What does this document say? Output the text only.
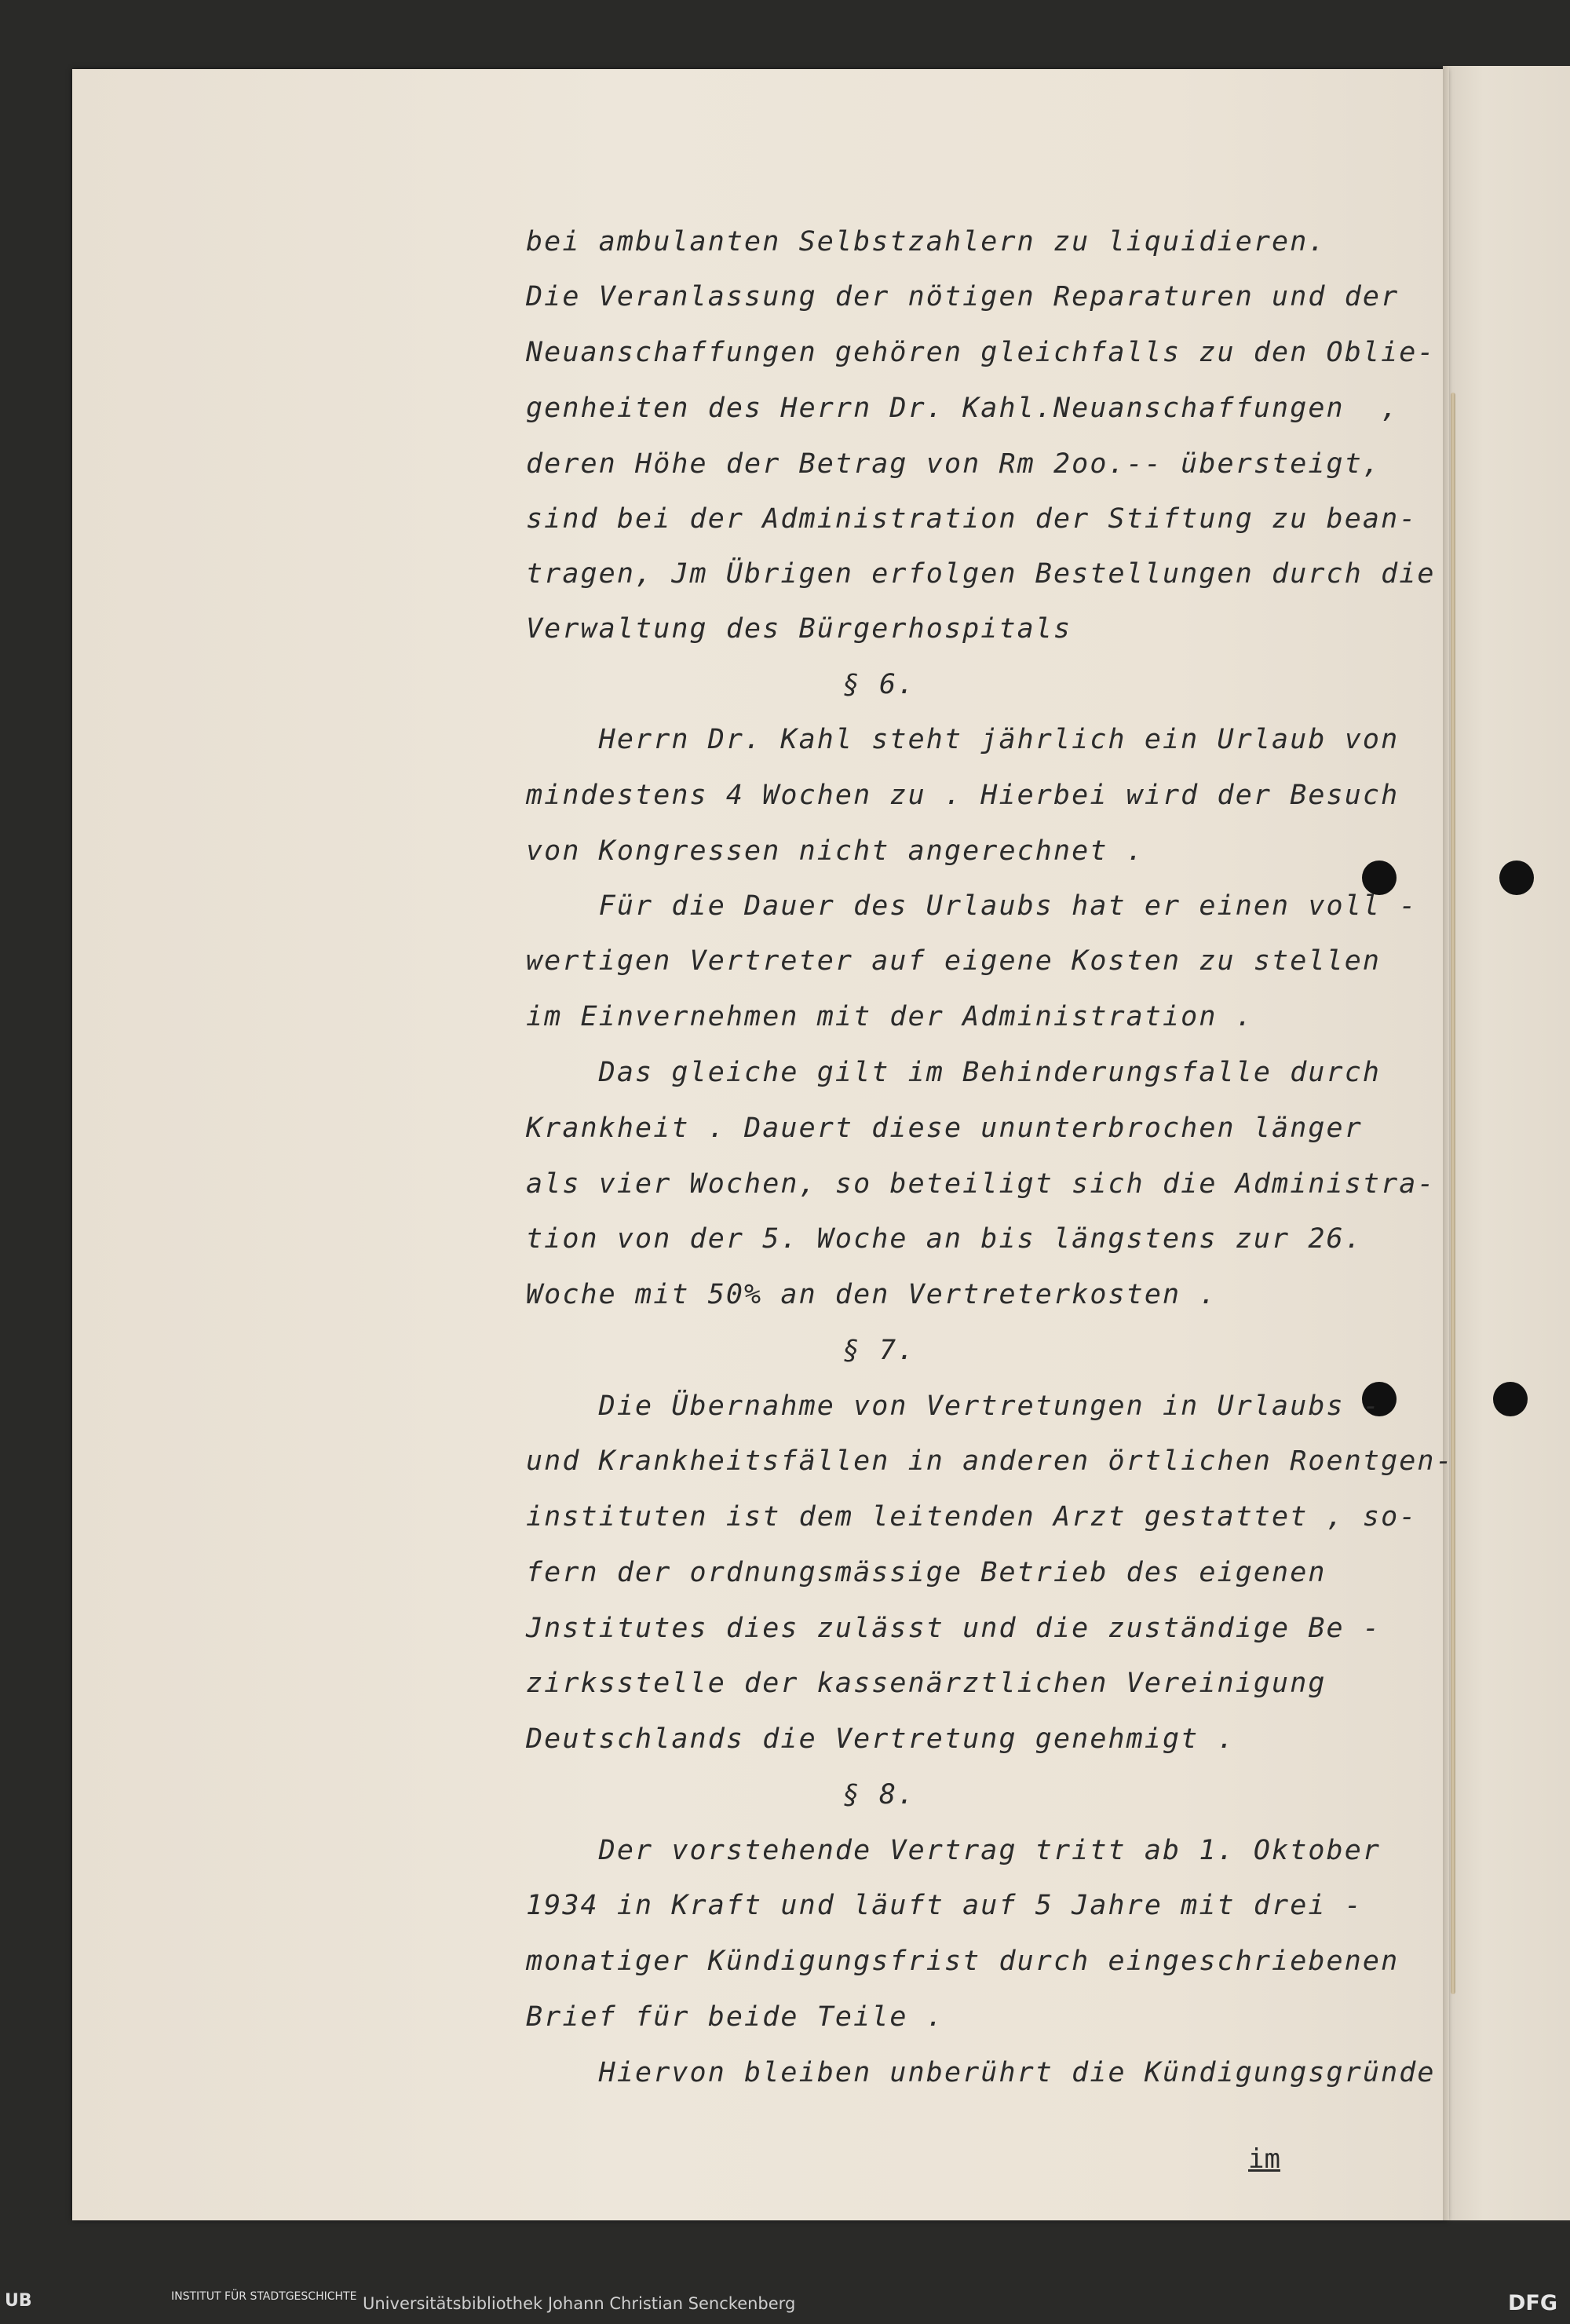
bei ambulanten Selbstzahlern zu liquidieren.
Die Veranlassung der nötigen Reparaturen und der
Neuanschaffungen gehören gleichfalls zu den Oblie-
genheiten des Herrn Dr. Kahl.Neuanschaffungen  ,
deren Höhe der Betrag von Rm 2oo.-- übersteigt,
sind bei der Administration der Stiftung zu bean-
tragen, Jm Übrigen erfolgen Bestellungen durch die
Verwaltung des Bürgerhospitals
§ 6.
Herrn Dr. Kahl steht jährlich ein Urlaub von
mindestens 4 Wochen zu . Hierbei wird der Besuch
von Kongressen nicht angerechnet .
Für die Dauer des Urlaubs hat er einen voll -
wertigen Vertreter auf eigene Kosten zu stellen
im Einvernehmen mit der Administration .
Das gleiche gilt im Behinderungsfalle durch
Krankheit . Dauert diese ununterbrochen länger
als vier Wochen, so beteiligt sich die Administra-
tion von der 5. Woche an bis längstens zur 26.
Woche mit 50% an den Vertreterkosten .
§ 7.
Die Übernahme von Vertretungen in Urlaubs -
und Krankheitsfällen in anderen örtlichen Roentgen-
instituten ist dem leitenden Arzt gestattet , so-
fern der ordnungsmässige Betrieb des eigenen
Jnstitutes dies zulässt und die zuständige Be -
zirksstelle der kassenärztlichen Vereinigung
Deutschlands die Vertretung genehmigt .
§ 8.
Der vorstehende Vertrag tritt ab 1. Oktober
1934 in Kraft und läuft auf 5 Jahre mit drei -
monatiger Kündigungsfrist durch eingeschriebenen
Brief für beide Teile .
Hiervon bleiben unberührt die Kündigungsgründe
im
UB	INSTITUT FÜR STADTGESCHICHTE Universitätsbibliothek Johann Christian Senckenberg	DFG
